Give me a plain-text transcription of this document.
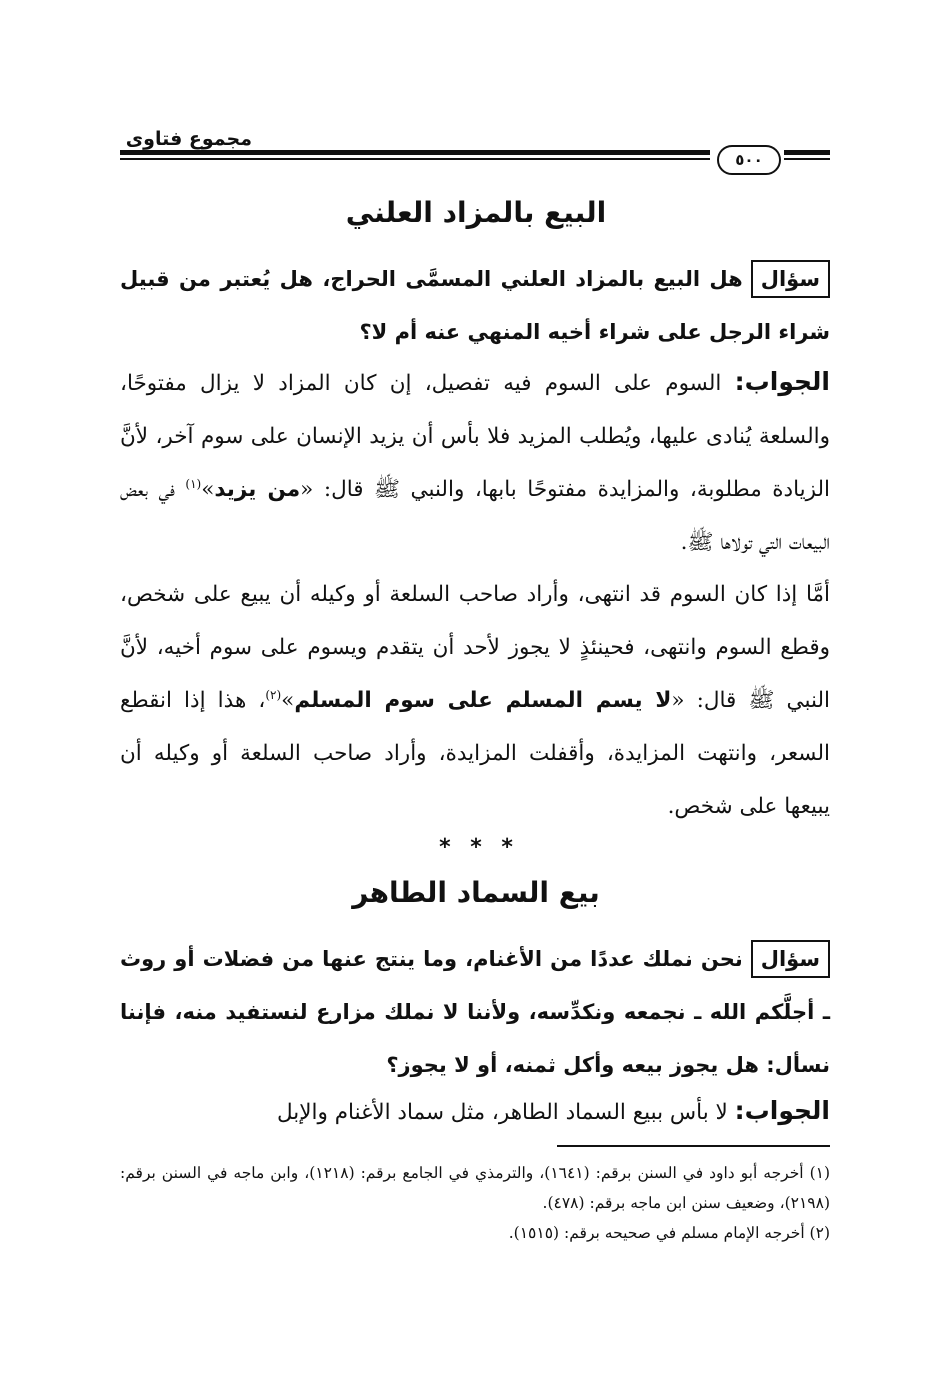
مجموع فتاوى
٥٠٠
البيع بالمزاد العلني
سؤالهل البيع بالمزاد العلني المسمَّى الحراج، هل يُعتبر من قبيل شراء الرجل على شراء أخيه المنهي عنه أم لا؟
الجواب: السوم على السوم فيه تفصيل، إن كان المزاد لا يزال مفتوحًا، والسلعة يُنادى عليها، ويُطلب المزيد فلا بأس أن يزيد الإنسان على سوم آخر، لأنَّ الزيادة مطلوبة، والمزايدة مفتوحًا بابها، والنبي ﷺ قال: «من يزيد»$^{(١)}$ في بعض البيعات التي تولاها ﷺ.
أمَّا إذا كان السوم قد انتهى، وأراد صاحب السلعة أو وكيله أن يبيع على شخص، وقطع السوم وانتهى، فحينئذٍ لا يجوز لأحد أن يتقدم ويسوم على سوم أخيه، لأنَّ النبي ﷺ قال: «لا يسم المسلم على سوم المسلم»$^{(٢)}$، هذا إذا انقطع السعر، وانتهت المزايدة، وأقفلت المزايدة، وأراد صاحب السلعة أو وكيله أن يبيعها على شخص.
* * *
بيع السماد الطاهر
سؤالنحن نملك عددًا من الأغنام، وما ينتج عنها من فضلات أو روث ـ أجلَّكم الله ـ نجمعه ونكدِّسه، ولأننا لا نملك مزارع لنستفيد منه، فإننا نسأل: هل يجوز بيعه وأكل ثمنه، أو لا يجوز؟
الجواب: لا بأس ببيع السماد الطاهر، مثل سماد الأغنام والإبل

(١) أخرجه أبو داود في السنن برقم: (١٦٤١)، والترمذي في الجامع برقم: (١٢١٨)، وابن ماجه في السنن برقم: (٢١٩٨)، وضعيف سنن ابن ماجه برقم: (٤٧٨).

(٢) أخرجه الإمام مسلم في صحيحه برقم: (١٥١٥).
